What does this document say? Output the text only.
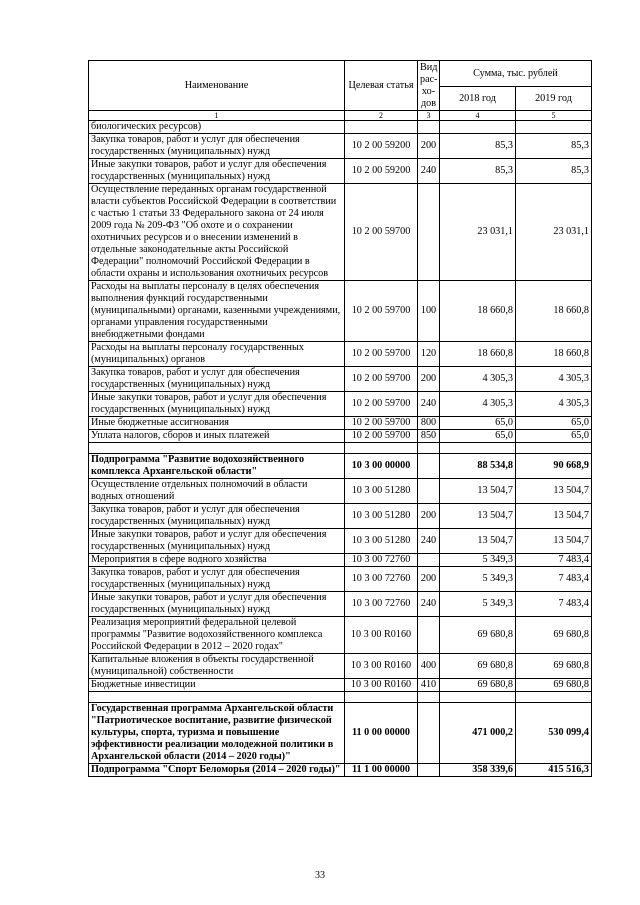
Наименование	Целевая статья	Вид рас-хо-дов	Сумма, тыс. рублей	
			2018 год	2019 год
1	2	3	4	5
биологических ресурсов)				
Закупка товаров, работ и услуг для обеспечения государственных (муниципальных) нужд	10 2 00 59200	200	85,3	85,3
Иные закупки товаров, работ и услуг для обеспечения государственных (муниципальных) нужд	10 2 00 59200	240	85,3	85,3
Осуществление переданных органам государственной власти субъектов Российской Федерации в соответствии с частью 1 статьи 33 Федерального закона от 24 июля 2009 года № 209-ФЗ "Об охоте и о сохранении охотничьих ресурсов и о внесении изменений в отдельные законодательные акты Российской Федерации" полномочий Российской Федерации в области охраны и использования охотничьих ресурсов	10 2 00 59700		23 031,1	23 031,1
Расходы на выплаты персоналу в целях обеспечения выполнения функций государственными (муниципальными) органами, казенными учреждениями, органами управления государственными внебюджетными фондами	10 2 00 59700	100	18 660,8	18 660,8
Расходы на выплаты персоналу государственных (муниципальных) органов	10 2 00 59700	120	18 660,8	18 660,8
Закупка товаров, работ и услуг для обеспечения государственных (муниципальных) нужд	10 2 00 59700	200	4 305,3	4 305,3
Иные закупки товаров, работ и услуг для обеспечения государственных (муниципальных) нужд	10 2 00 59700	240	4 305,3	4 305,3
Иные бюджетные ассигнования	10 2 00 59700	800	65,0	65,0
Уплата налогов, сборов и иных платежей	10 2 00 59700	850	65,0	65,0

Подпрограмма "Развитие водохозяйственного комплекса Архангельской области"	10 3 00 00000		88 534,8	90 668,9
Осуществление отдельных полномочий в области водных отношений	10 3 00 51280		13 504,7	13 504,7
Закупка товаров, работ и услуг для обеспечения государственных (муниципальных) нужд	10 3 00 51280	200	13 504,7	13 504,7
Иные закупки товаров, работ и услуг для обеспечения государственных (муниципальных) нужд	10 3 00 51280	240	13 504,7	13 504,7
Мероприятия в сфере водного хозяйства	10 3 00 72760		5 349,3	7 483,4
Закупка товаров, работ и услуг для обеспечения государственных (муниципальных) нужд	10 3 00 72760	200	5 349,3	7 483,4
Иные закупки товаров, работ и услуг для обеспечения государственных (муниципальных) нужд	10 3 00 72760	240	5 349,3	7 483,4
Реализация мероприятий федеральной целевой программы "Развитие водохозяйственного комплекса Российской Федерации в 2012 – 2020 годах"	10 3 00 R0160		69 680,8	69 680,8
Капитальные вложения в объекты государственной (муниципальной) собственности	10 3 00 R0160	400	69 680,8	69 680,8
Бюджетные инвестиции	10 3 00 R0160	410	69 680,8	69 680,8

Государственная программа Архангельской области "Патриотическое воспитание, развитие физической культуры, спорта, туризма и повышение эффективности реализации молодежной политики в Архангельской области (2014 – 2020 годы)"	11 0 00 00000		471 000,2	530 099,4
Подпрограмма "Спорт Беломорья (2014 – 2020 годы)"	11 1 00 00000		358 339,6	415 516,3
33
